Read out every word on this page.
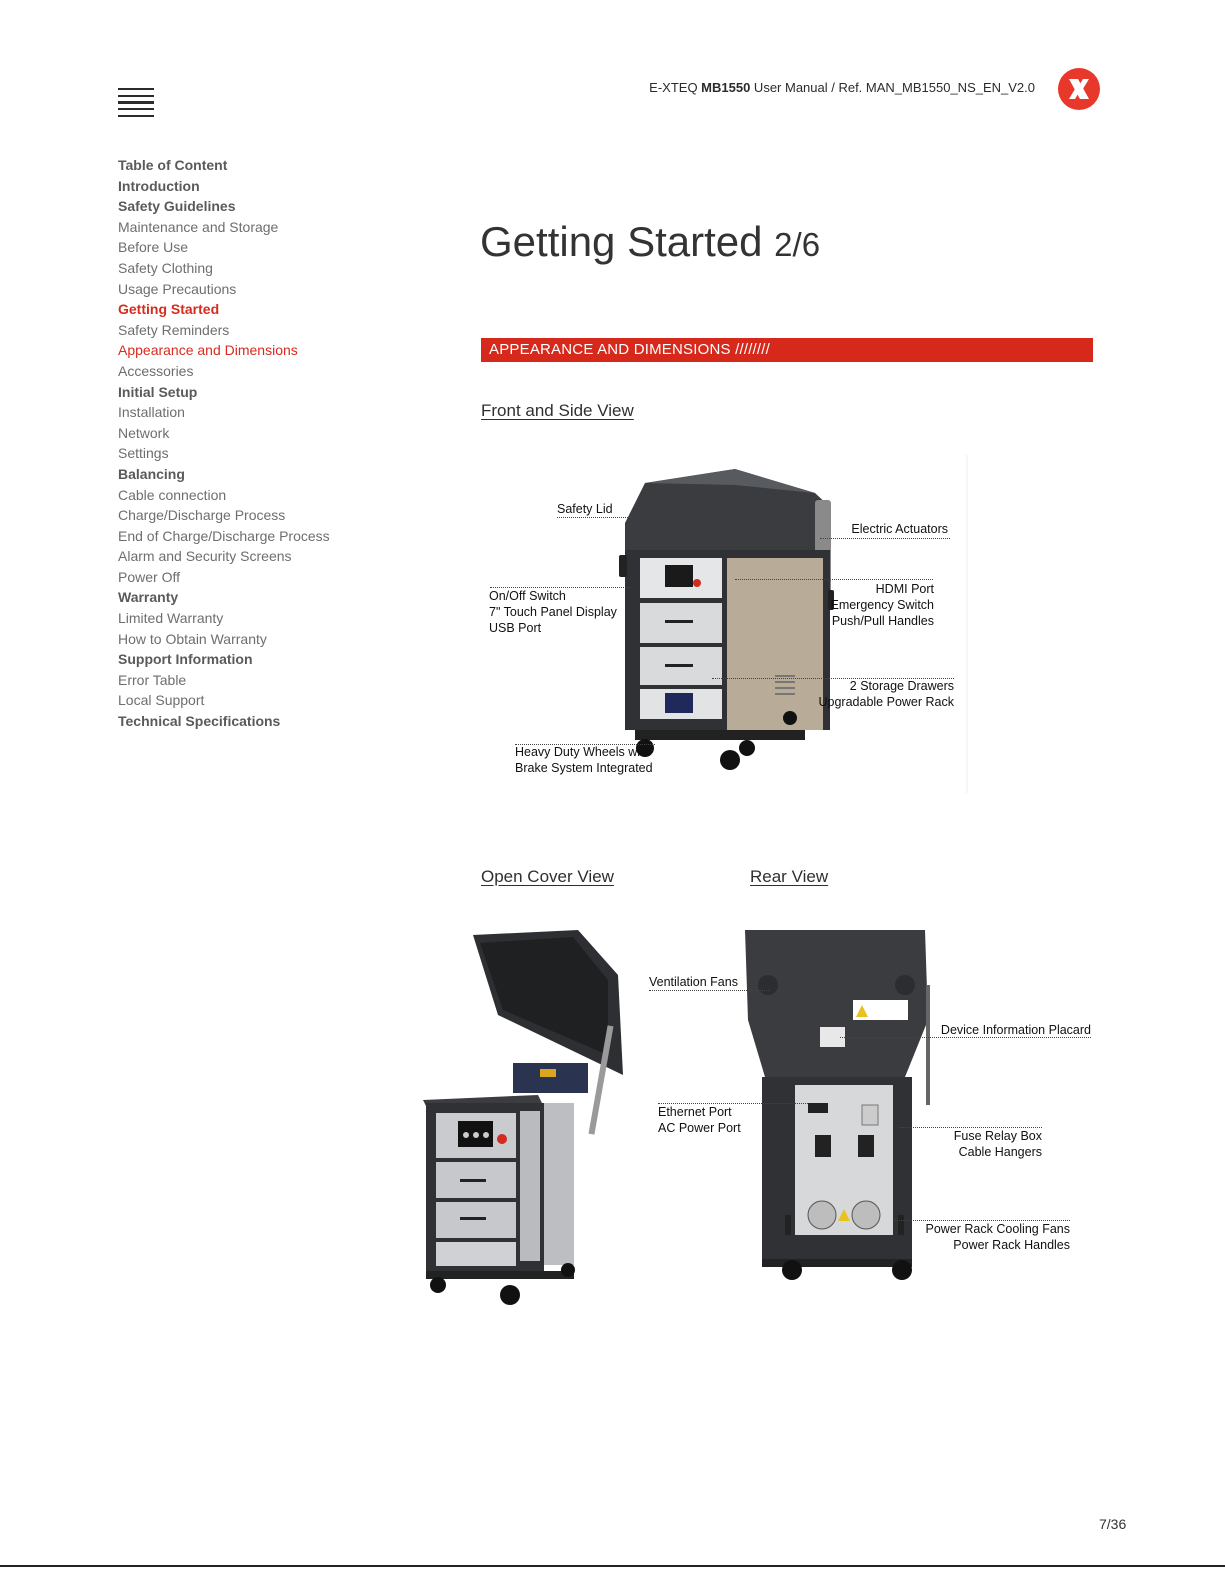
E-XTEQ MB1550 User Manual / Ref. MAN_MB1550_NS_EN_V2.0
Table of Content
Introduction
Safety Guidelines
Maintenance and Storage
Before Use
Safety Clothing
Usage Precautions
Getting Started
Safety Reminders
Appearance and Dimensions
Accessories
Initial Setup
Installation
Network
Settings
Balancing
Cable connection
Charge/Discharge Process
End of Charge/Discharge Process
Alarm and Security Screens
Power Off
Warranty
Limited Warranty
How to Obtain Warranty
Support Information
Error Table
Local Support
Technical Specifications
Getting Started 2/6
APPEARANCE AND DIMENSIONS ////////
Front and Side View
Safety Lid
Electric Actuators
On/Off Switch
7" Touch Panel Display
USB Port
HDMI Port
Emergency Switch
Push/Pull Handles
2 Storage Drawers
Upgradable Power Rack
Heavy Duty Wheels with
Brake System Integrated
Open Cover View	Rear View
Ventilation Fans
Device Information Placard
Ethernet Port
AC Power Port
Fuse Relay Box
Cable Hangers
Power Rack Cooling Fans
Power Rack Handles
7/36
